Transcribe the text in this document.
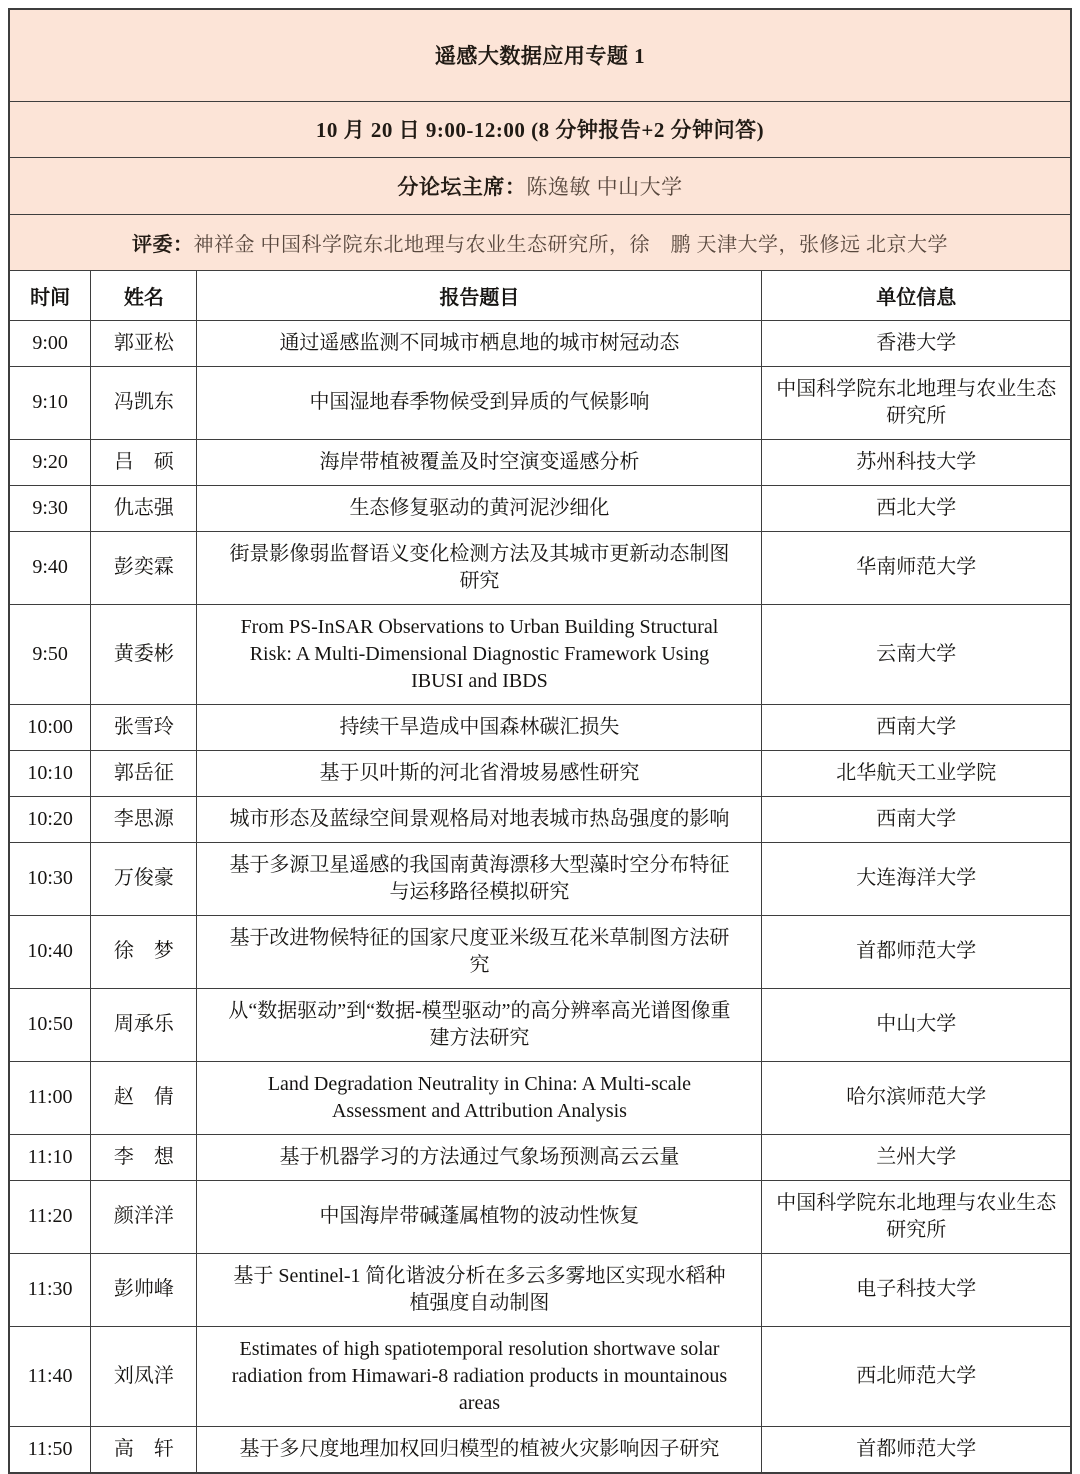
遥感大数据应用专题 1			
10 月 20 日 9:00-12:00 (8 分钟报告+2 分钟问答)			
分论坛主席：陈逸敏 中山大学			
评委：神祥金 中国科学院东北地理与农业生态研究所，徐　鹏 天津大学，张修远 北京大学			
时间	姓名	报告题目	单位信息
9:00	郭亚松	通过遥感监测不同城市栖息地的城市树冠动态	香港大学
9:10	冯凯东	中国湿地春季物候受到异质的气候影响	中国科学院东北地理与农业生态研究所
9:20	吕　硕	海岸带植被覆盖及时空演变遥感分析	苏州科技大学
9:30	仇志强	生态修复驱动的黄河泥沙细化	西北大学
9:40	彭奕霖	街景影像弱监督语义变化检测方法及其城市更新动态制图研究	华南师范大学
9:50	黄委彬	From PS-InSAR Observations to Urban Building Structural Risk: A Multi-Dimensional Diagnostic Framework Using IBUSI and IBDS	云南大学
10:00	张雪玲	持续干旱造成中国森林碳汇损失	西南大学
10:10	郭岳征	基于贝叶斯的河北省滑坡易感性研究	北华航天工业学院
10:20	李思源	城市形态及蓝绿空间景观格局对地表城市热岛强度的影响	西南大学
10:30	万俊豪	基于多源卫星遥感的我国南黄海漂移大型藻时空分布特征与运移路径模拟研究	大连海洋大学
10:40	徐　梦	基于改进物候特征的国家尺度亚米级互花米草制图方法研究	首都师范大学
10:50	周承乐	从“数据驱动”到“数据-模型驱动”的高分辨率高光谱图像重建方法研究	中山大学
11:00	赵　倩	Land Degradation Neutrality in China: A Multi-scale Assessment and Attribution Analysis	哈尔滨师范大学
11:10	李　想	基于机器学习的方法通过气象场预测高云云量	兰州大学
11:20	颜洋洋	中国海岸带碱蓬属植物的波动性恢复	中国科学院东北地理与农业生态研究所
11:30	彭帅峰	基于 Sentinel-1 简化谐波分析在多云多雾地区实现水稻种植强度自动制图	电子科技大学
11:40	刘凤洋	Estimates of high spatiotemporal resolution shortwave solar radiation from Himawari-8 radiation products in mountainous areas	西北师范大学
11:50	高　轩	基于多尺度地理加权回归模型的植被火灾影响因子研究	首都师范大学
